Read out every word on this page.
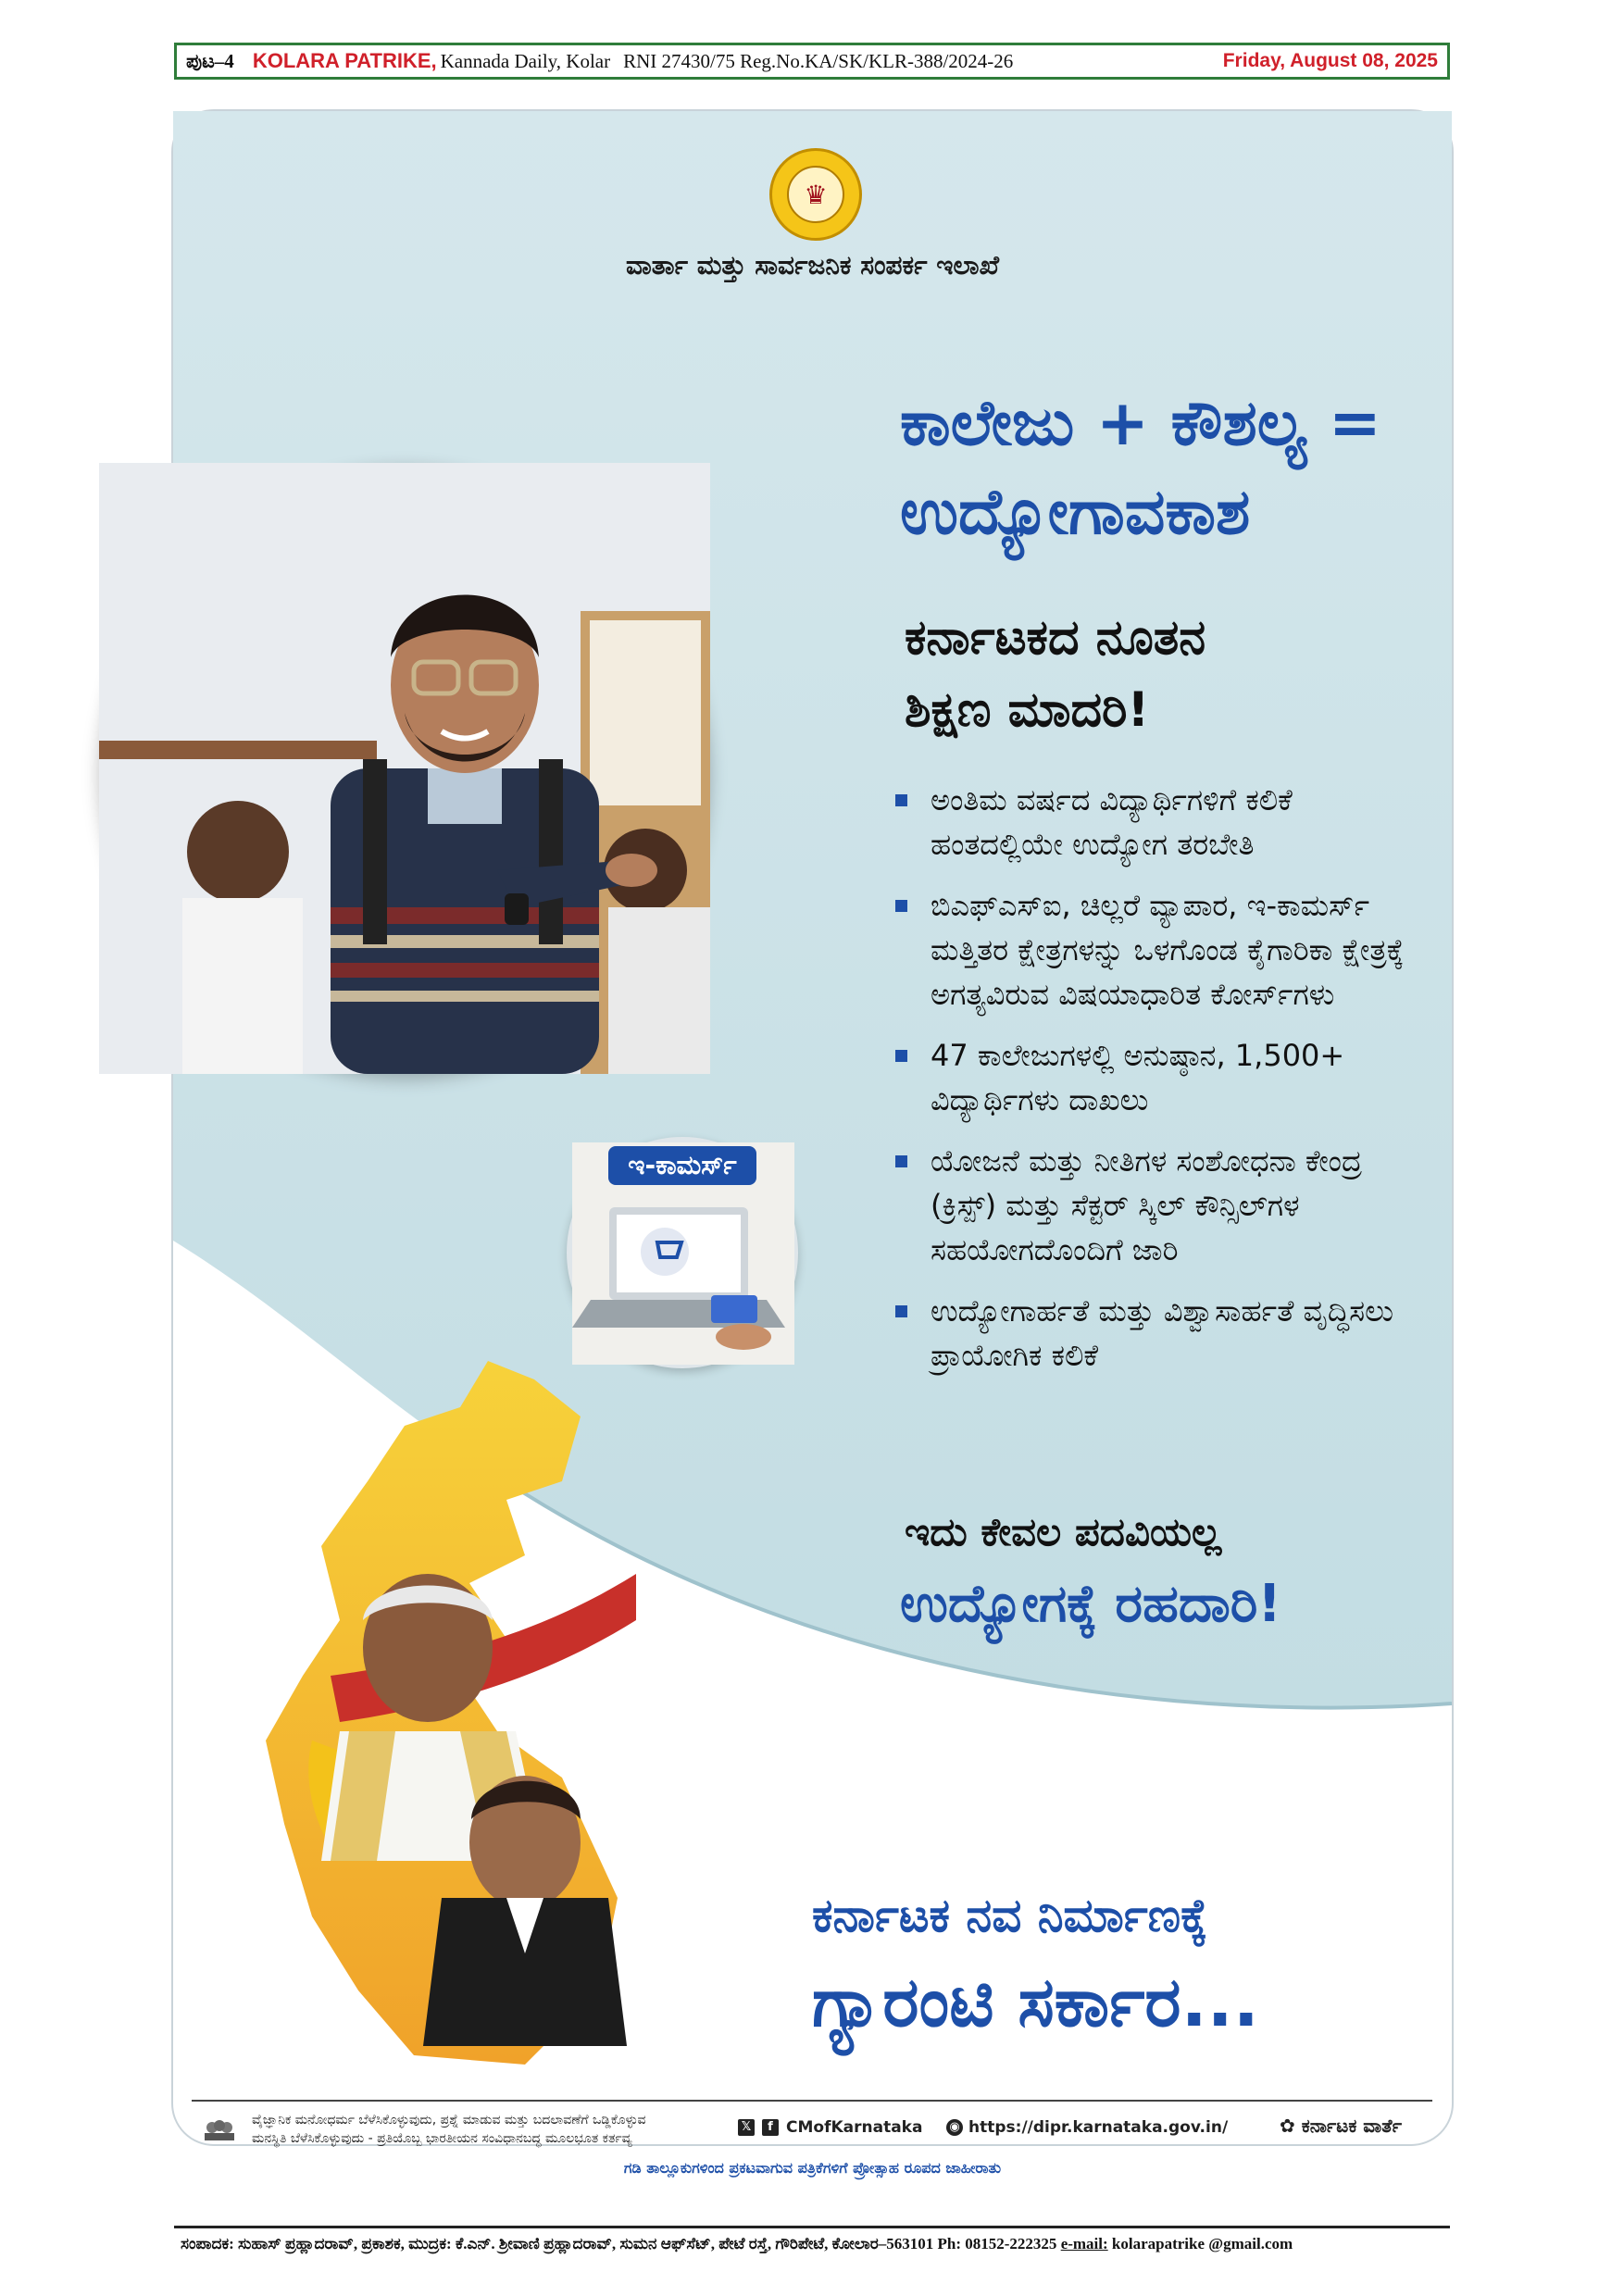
ಪುಟ–4 KOLARA PATRIKE, Kannada Daily, Kolar RNI 27430/75 Reg.No.KA/SK/KLR-388/2024-26	Friday, August 08, 2025
♛
ವಾರ್ತಾ ಮತ್ತು ಸಾರ್ವಜನಿಕ ಸಂಪರ್ಕ ಇಲಾಖೆ
ಇ-ಕಾಮರ್ಸ್
ಕಾಲೇಜು + ಕೌಶಲ್ಯ =
ಉದ್ಯೋಗಾವಕಾಶ
ಕರ್ನಾಟಕದ ನೂತನ
ಶಿಕ್ಷಣ ಮಾದರಿ!
ಅಂತಿಮ ವರ್ಷದ ವಿದ್ಯಾರ್ಥಿಗಳಿಗೆ ಕಲಿಕೆ ಹಂತದಲ್ಲಿಯೇ ಉದ್ಯೋಗ ತರಬೇತಿ
ಬಿಎಫ್‌ಎಸ್‌ಐ, ಚಿಲ್ಲರೆ ವ್ಯಾಪಾರ, ಇ-ಕಾಮರ್ಸ್ ಮತ್ತಿತರ ಕ್ಷೇತ್ರಗಳನ್ನು ಒಳಗೊಂಡ ಕೈಗಾರಿಕಾ ಕ್ಷೇತ್ರಕ್ಕೆ ಅಗತ್ಯವಿರುವ ವಿಷಯಾಧಾರಿತ ಕೋರ್ಸ್‌ಗಳು
47 ಕಾಲೇಜುಗಳಲ್ಲಿ ಅನುಷ್ಠಾನ, 1,500+ ವಿದ್ಯಾರ್ಥಿಗಳು ದಾಖಲು
ಯೋಜನೆ ಮತ್ತು ನೀತಿಗಳ ಸಂಶೋಧನಾ ಕೇಂದ್ರ (ಕ್ರಿಸ್ಪ್) ಮತ್ತು ಸೆಕ್ಟರ್ ಸ್ಕಿಲ್ ಕೌನ್ಸಿಲ್‌ಗಳ ಸಹಯೋಗದೊಂದಿಗೆ ಜಾರಿ
ಉದ್ಯೋಗಾರ್ಹತೆ ಮತ್ತು ವಿಶ್ವಾಸಾರ್ಹತೆ ವೃದ್ಧಿಸಲು ಪ್ರಾಯೋಗಿಕ ಕಲಿಕೆ
ಇದು ಕೇವಲ ಪದವಿಯಲ್ಲ
ಉದ್ಯೋಗಕ್ಕೆ ರಹದಾರಿ!
ಕರ್ನಾಟಕ ನವ ನಿರ್ಮಾಣಕ್ಕೆ
ಗ್ಯಾರಂಟಿ ಸರ್ಕಾರ...
ವೈಜ್ಞಾನಿಕ ಮನೋಧರ್ಮ ಬೆಳೆಸಿಕೊಳ್ಳುವುದು, ಪ್ರಶ್ನೆ ಮಾಡುವ ಮತ್ತು ಬದಲಾವಣೆಗೆ ಒಡ್ಡಿಕೊಳ್ಳುವ ಮನಸ್ಥಿತಿ ಬೆಳೆಸಿಕೊಳ್ಳುವುದು - ಪ್ರತಿಯೊಬ್ಬ ಭಾರತೀಯನ ಸಂವಿಧಾನಬದ್ಧ ಮೂಲಭೂತ ಕರ್ತವ್ಯ
𝕏	f CMofKarnataka ◉ https://dipr.karnataka.gov.in/	✿ ಕರ್ನಾಟಕ ವಾರ್ತೆ
ಗಡಿ ತಾಲ್ಲೂಕುಗಳಿಂದ ಪ್ರಕಟವಾಗುವ ಪತ್ರಿಕೆಗಳಿಗೆ ಪ್ರೋತ್ಸಾಹ ರೂಪದ ಜಾಹೀರಾತು
ಸಂಪಾದಕ: ಸುಹಾಸ್ ಪ್ರಹ್ಲಾದರಾವ್, ಪ್ರಕಾಶಕ, ಮುದ್ರಕ: ಕೆ.ಎನ್. ಶ್ರೀವಾಣಿ ಪ್ರಹ್ಲಾದರಾವ್, ಸುಮನ ಆಫ್‌ಸೆಟ್, ಪೇಟೆ ರಸ್ತೆ, ಗೌರಿಪೇಟೆ, ಕೋಲಾರ–563101 Ph: 08152-222325 e-mail: kolarapatrike @gmail.com
